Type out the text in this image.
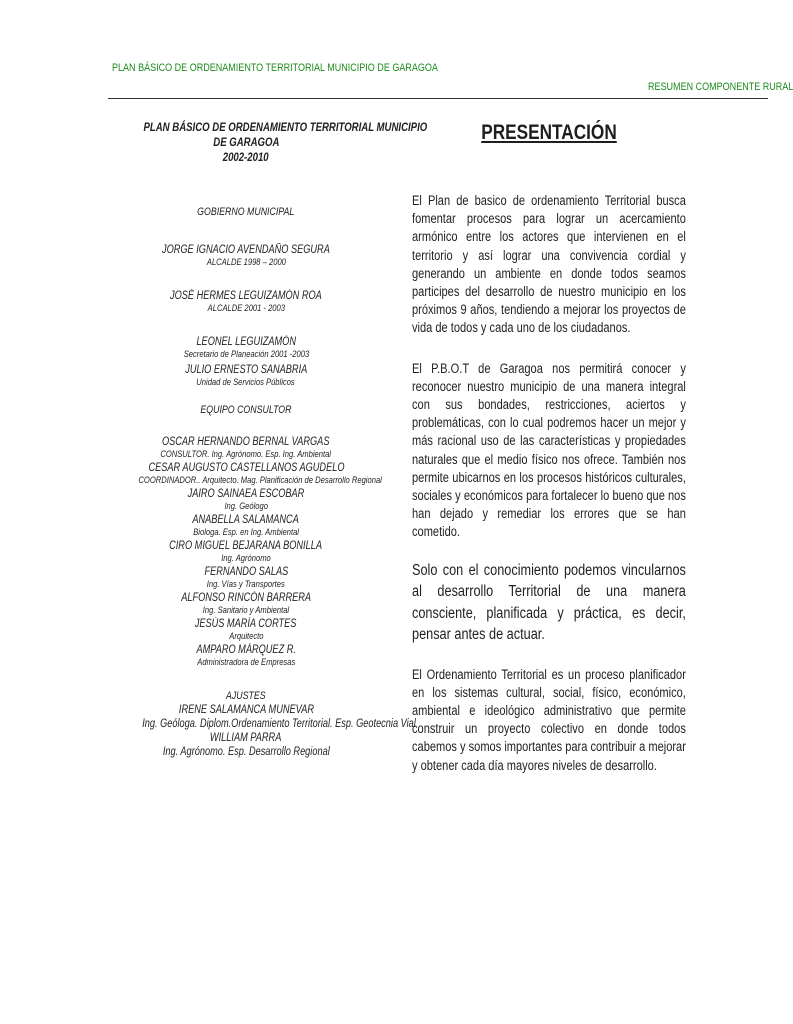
PLAN BÁSICO DE ORDENAMIENTO TERRITORIAL MUNICIPIO DE GARAGOA
RESUMEN COMPONENTE RURAL
PLAN BÁSICO DE ORDENAMIENTO TERRITORIAL MUNICIPIO
DE GARAGOA
2002-2010
GOBIERNO MUNICIPAL
JORGE IGNACIO AVENDAÑO SEGURA
ALCALDE 1998 – 2000
JOSÉ HERMES LEGUIZAMÓN ROA
ALCALDE 2001 - 2003
LEONEL LEGUIZAMÓN
Secretario de Planeación 2001 -2003
JULIO ERNESTO SANABRIA
Unidad de Servicios Públicos
EQUIPO CONSULTOR
OSCAR HERNANDO BERNAL VARGAS
CONSULTOR. Ing. Agrónomo. Esp. Ing. Ambiental
CESAR AUGUSTO CASTELLANOS AGUDELO
COORDINADOR.. Arquitecto. Mag. Planificación de Desarrollo Regional
JAIRO SAINAEA ESCOBAR
Ing. Geólogo
ANABELLA SALAMANCA
Biologa. Esp. en Ing. Ambiental
CIRO MIGUEL BEJARANA BONILLA
Ing. Agrónomo
FERNANDO SALAS
Ing. Vías y Transportes
ALFONSO RINCÓN BARRERA
Ing. Sanitario y Ambiental
JESÚS MARÍA CORTES
Arquitecto
AMPARO MÁRQUEZ R.
Administradora de Empresas
AJUSTES
IRENE SALAMANCA MUNEVAR
Ing. Geóloga. Diplom.Ordenamiento Territorial. Esp. Geotecnia Vial
WILLIAM PARRA
Ing. Agrónomo. Esp. Desarrollo Regional
PRESENTACIÓN

El Plan de basico de ordenamiento Territorial busca fomentar procesos para lograr un acercamiento armónico entre los actores que intervienen en el territorio y así lograr una convivencia cordial y generando un ambiente en donde todos seamos participes del desarrollo de nuestro municipio en los próximos 9 años, tendiendo a mejorar los proyectos de vida de todos y cada uno de los ciudadanos.

El P.B.O.T de Garagoa nos permitirá conocer y reconocer nuestro municipio de una manera integral con sus bondades, restricciones, aciertos y problemáticas, con lo cual podremos hacer un mejor y más racional uso de las características y propiedades naturales que el medio físico nos ofrece. También nos permite ubicarnos en los procesos históricos culturales, sociales y económicos para fortalecer lo bueno que nos han dejado y remediar los errores que se han cometido.

Solo con el conocimiento podemos vincularnos al desarrollo Territorial de una manera consciente, planificada y práctica, es decir, pensar antes de actuar.

El Ordenamiento Territorial es un proceso planificador en los sistemas cultural, social, físico, económico, ambiental e ideológico administrativo que permite construir un proyecto colectivo en donde todos cabemos y somos importantes para contribuir a mejorar y obtener cada día mayores niveles de desarrollo.
